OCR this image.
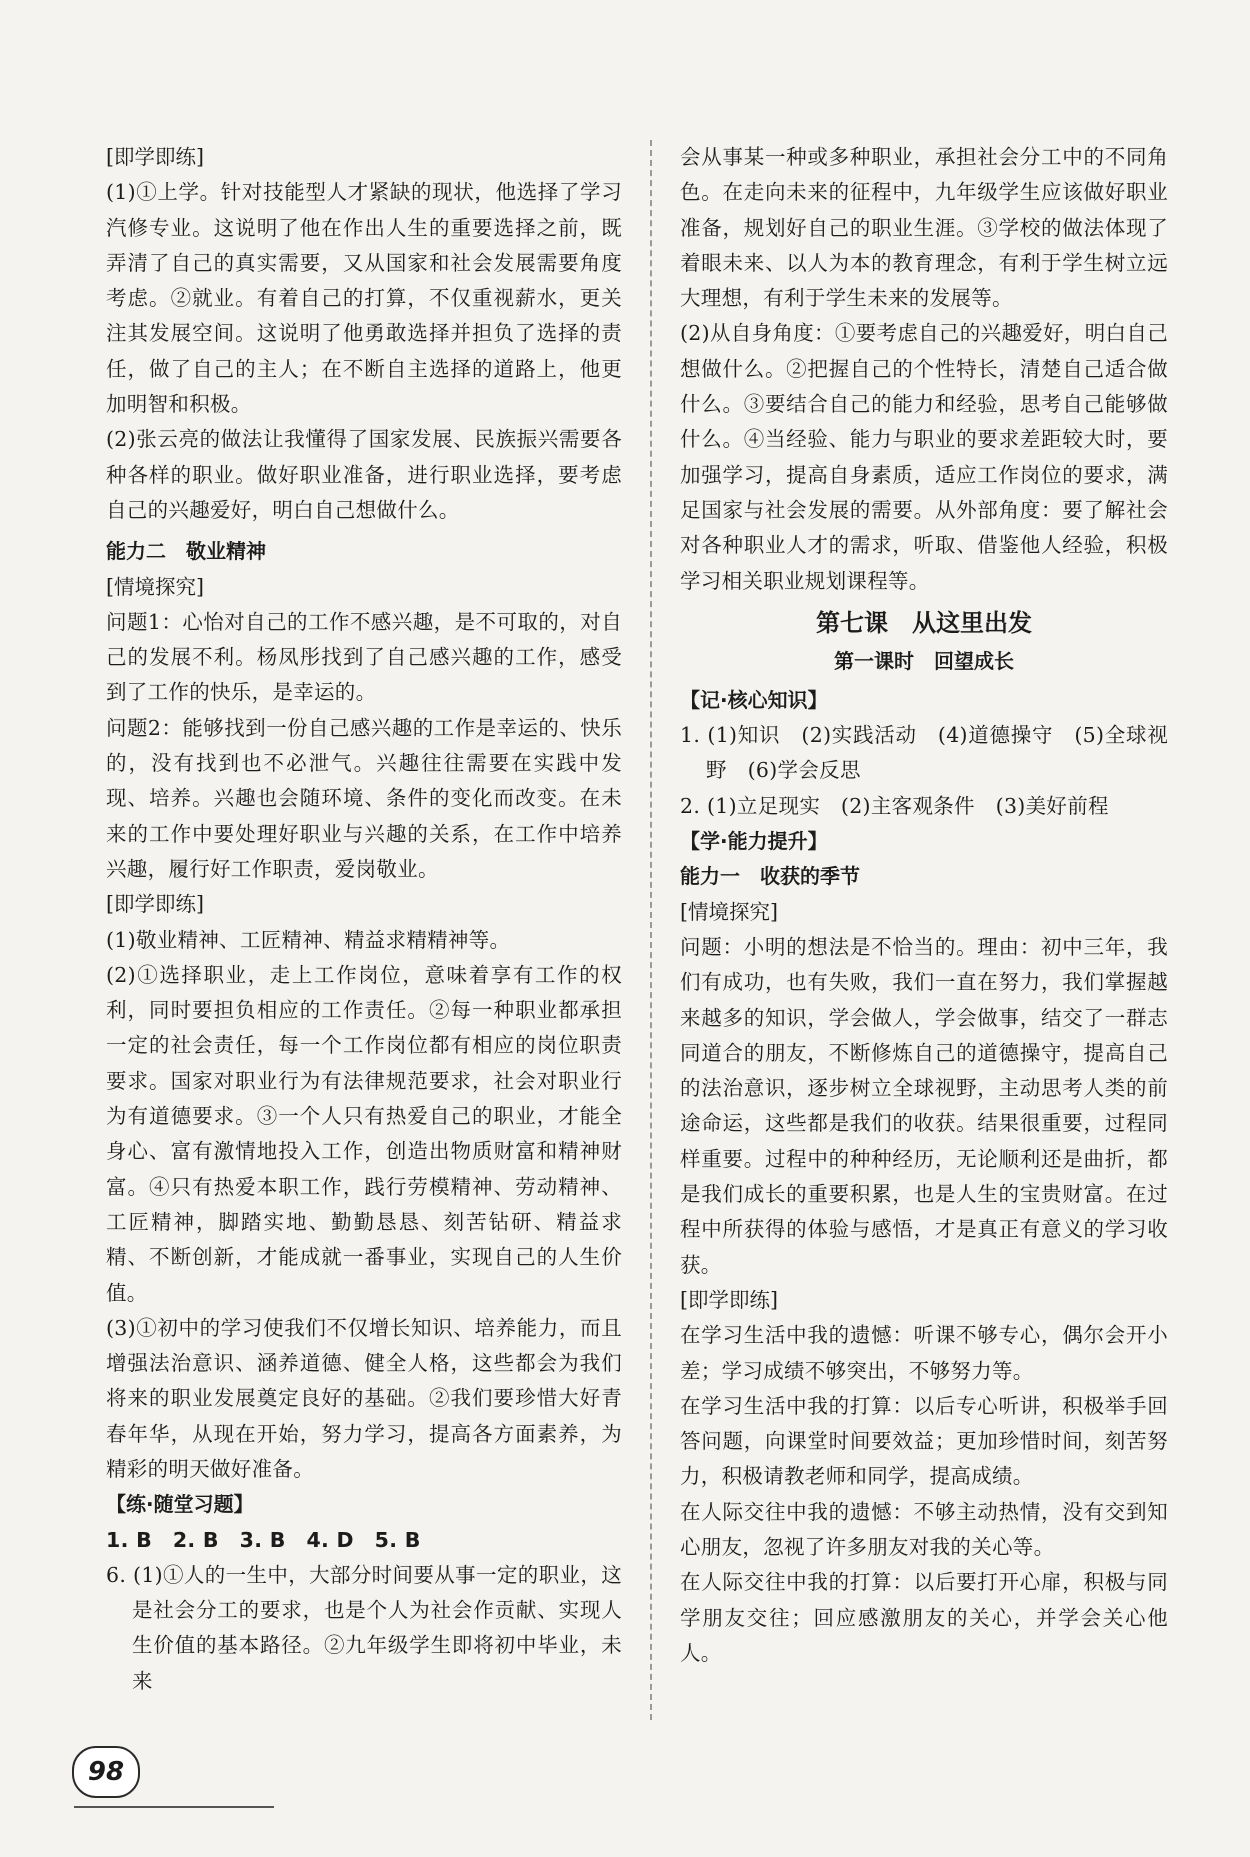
[即学即练]

(1)①上学。针对技能型人才紧缺的现状，他选择了学习汽修专业。这说明了他在作出人生的重要选择之前，既弄清了自己的真实需要，又从国家和社会发展需要角度考虑。②就业。有着自己的打算，不仅重视薪水，更关注其发展空间。这说明了他勇敢选择并担负了选择的责任，做了自己的主人；在不断自主选择的道路上，他更加明智和积极。

(2)张云亮的做法让我懂得了国家发展、民族振兴需要各种各样的职业。做好职业准备，进行职业选择，要考虑自己的兴趣爱好，明白自己想做什么。

能力二　敬业精神

[情境探究]

问题1：心怡对自己的工作不感兴趣，是不可取的，对自己的发展不利。杨凤彤找到了自己感兴趣的工作，感受到了工作的快乐，是幸运的。

问题2：能够找到一份自己感兴趣的工作是幸运的、快乐的，没有找到也不必泄气。兴趣往往需要在实践中发现、培养。兴趣也会随环境、条件的变化而改变。在未来的工作中要处理好职业与兴趣的关系，在工作中培养兴趣，履行好工作职责，爱岗敬业。

[即学即练]

(1)敬业精神、工匠精神、精益求精精神等。

(2)①选择职业，走上工作岗位，意味着享有工作的权利，同时要担负相应的工作责任。②每一种职业都承担一定的社会责任，每一个工作岗位都有相应的岗位职责要求。国家对职业行为有法律规范要求，社会对职业行为有道德要求。③一个人只有热爱自己的职业，才能全身心、富有激情地投入工作，创造出物质财富和精神财富。④只有热爱本职工作，践行劳模精神、劳动精神、工匠精神，脚踏实地、勤勤恳恳、刻苦钻研、精益求精、不断创新，才能成就一番事业，实现自己的人生价值。

(3)①初中的学习使我们不仅增长知识、培养能力，而且增强法治意识、涵养道德、健全人格，这些都会为我们将来的职业发展奠定良好的基础。②我们要珍惜大好青春年华，从现在开始，努力学习，提高各方面素养，为精彩的明天做好准备。

【练·随堂习题】

1. B　2. B　3. B　4. D　5. B

6. (1)①人的一生中，大部分时间要从事一定的职业，这是社会分工的要求，也是个人为社会作贡献、实现人生价值的基本路径。②九年级学生即将初中毕业，未来

会从事某一种或多种职业，承担社会分工中的不同角色。在走向未来的征程中，九年级学生应该做好职业准备，规划好自己的职业生涯。③学校的做法体现了着眼未来、以人为本的教育理念，有利于学生树立远大理想，有利于学生未来的发展等。

(2)从自身角度：①要考虑自己的兴趣爱好，明白自己想做什么。②把握自己的个性特长，清楚自己适合做什么。③要结合自己的能力和经验，思考自己能够做什么。④当经验、能力与职业的要求差距较大时，要加强学习，提高自身素质，适应工作岗位的要求，满足国家与社会发展的需要。从外部角度：要了解社会对各种职业人才的需求，听取、借鉴他人经验，积极学习相关职业规划课程等。

第七课　从这里出发

第一课时　回望成长

【记·核心知识】

1. (1)知识　(2)实践活动　(4)道德操守　(5)全球视野　(6)学会反思

2. (1)立足现实　(2)主客观条件　(3)美好前程

【学·能力提升】

能力一　收获的季节

[情境探究]

问题：小明的想法是不恰当的。理由：初中三年，我们有成功，也有失败，我们一直在努力，我们掌握越来越多的知识，学会做人，学会做事，结交了一群志同道合的朋友，不断修炼自己的道德操守，提高自己的法治意识，逐步树立全球视野，主动思考人类的前途命运，这些都是我们的收获。结果很重要，过程同样重要。过程中的种种经历，无论顺利还是曲折，都是我们成长的重要积累，也是人生的宝贵财富。在过程中所获得的体验与感悟，才是真正有意义的学习收获。

[即学即练]

在学习生活中我的遗憾：听课不够专心，偶尔会开小差；学习成绩不够突出，不够努力等。

在学习生活中我的打算：以后专心听讲，积极举手回答问题，向课堂时间要效益；更加珍惜时间，刻苦努力，积极请教老师和同学，提高成绩。

在人际交往中我的遗憾：不够主动热情，没有交到知心朋友，忽视了许多朋友对我的关心等。

在人际交往中我的打算：以后要打开心扉，积极与同学朋友交往；回应感激朋友的关心，并学会关心他人。

98
